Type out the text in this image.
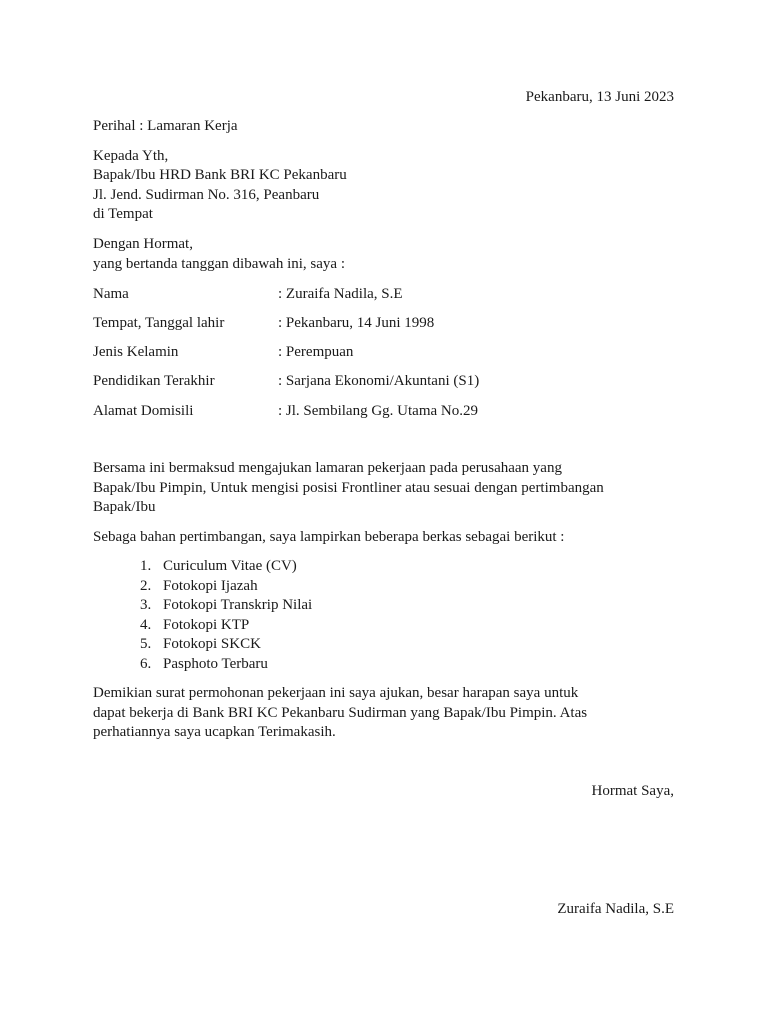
Pekanbaru, 13 Juni 2023
Perihal : Lamaran Kerja
Kepada Yth,
Bapak/Ibu HRD Bank BRI KC Pekanbaru
Jl. Jend. Sudirman No. 316, Peanbaru
di Tempat
Dengan Hormat,
yang bertanda tanggan dibawah ini, saya :
Nama	: Zuraifa Nadila, S.E
Tempat, Tanggal lahir	: Pekanbaru, 14 Juni 1998
Jenis Kelamin	: Perempuan
Pendidikan Terakhir	: Sarjana Ekonomi/Akuntani (S1)
Alamat Domisili	: Jl. Sembilang Gg. Utama No.29
Bersama ini bermaksud mengajukan lamaran pekerjaan pada perusahaan yang
Bapak/Ibu Pimpin, Untuk mengisi posisi Frontliner atau sesuai dengan pertimbangan
Bapak/Ibu
Sebaga bahan pertimbangan, saya lampirkan beberapa berkas sebagai berikut :
1. Curiculum Vitae (CV)
2. Fotokopi Ijazah
3. Fotokopi Transkrip Nilai
4. Fotokopi KTP
5. Fotokopi SKCK
6. Pasphoto Terbaru
Demikian surat permohonan pekerjaan ini saya ajukan, besar harapan saya untuk
dapat bekerja di Bank BRI KC Pekanbaru Sudirman yang Bapak/Ibu Pimpin. Atas
perhatiannya saya ucapkan Terimakasih.
Hormat Saya,
Zuraifa Nadila, S.E
